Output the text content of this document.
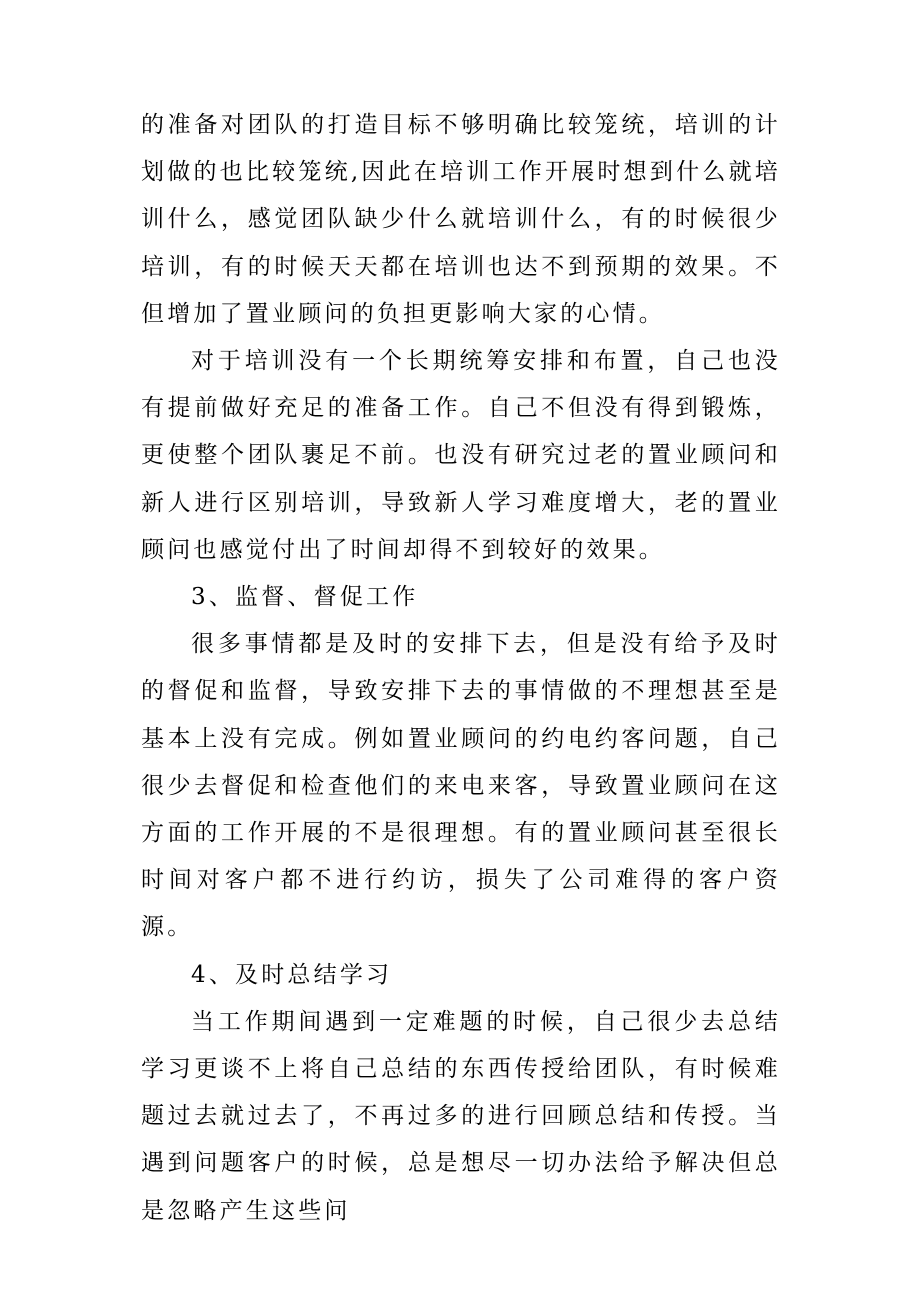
的准备对团队的打造目标不够明确比较笼统，培训的计划做的也比较笼统,因此在培训工作开展时想到什么就培训什么，感觉团队缺少什么就培训什么，有的时候很少培训，有的时候天天都在培训也达不到预期的效果。不但增加了置业顾问的负担更影响大家的心情。

对于培训没有一个长期统筹安排和布置，自己也没有提前做好充足的准备工作。自己不但没有得到锻炼，更使整个团队裹足不前。也没有研究过老的置业顾问和新人进行区别培训，导致新人学习难度增大，老的置业顾问也感觉付出了时间却得不到较好的效果。

3、监督、督促工作

很多事情都是及时的安排下去，但是没有给予及时的督促和监督，导致安排下去的事情做的不理想甚至是基本上没有完成。例如置业顾问的约电约客问题，自己很少去督促和检查他们的来电来客，导致置业顾问在这方面的工作开展的不是很理想。有的置业顾问甚至很长时间对客户都不进行约访，损失了公司难得的客户资源。

4、及时总结学习

当工作期间遇到一定难题的时候，自己很少去总结学习更谈不上将自己总结的东西传授给团队，有时候难题过去就过去了，不再过多的进行回顾总结和传授。当遇到问题客户的时候，总是想尽一切办法给予解决但总是忽略产生这些问
